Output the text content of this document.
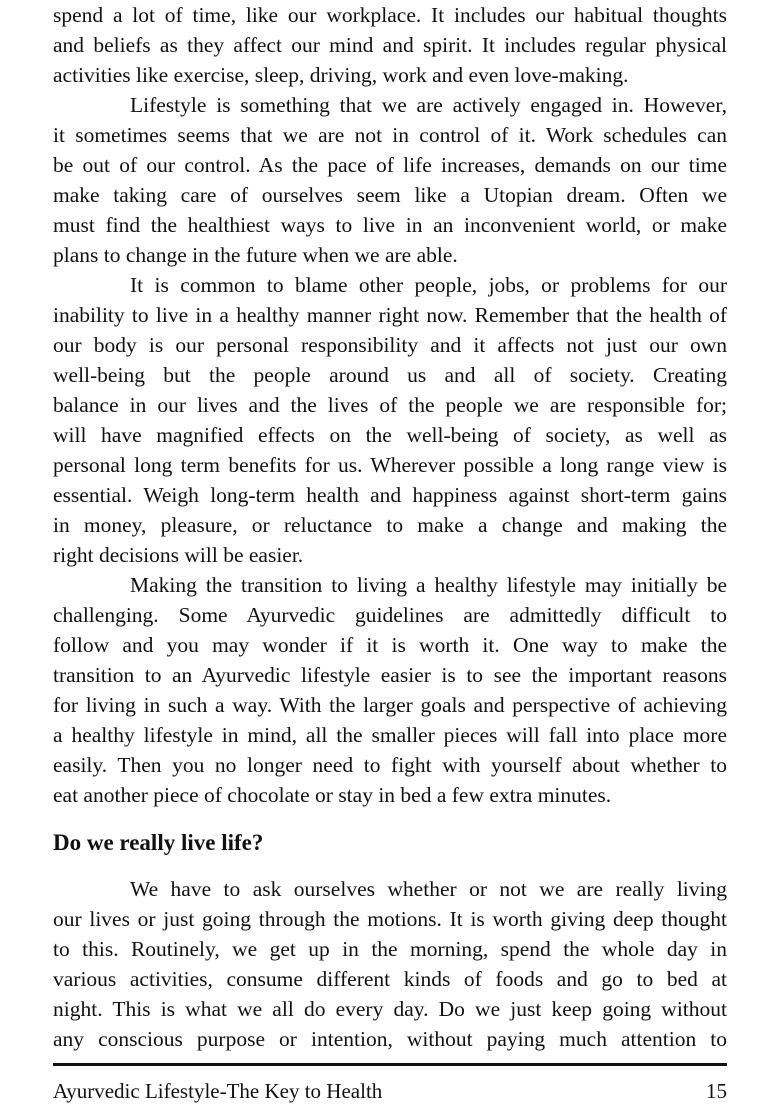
spend a lot of time, like our workplace. It includes our habitual thoughts
and beliefs as they affect our mind and spirit. It includes regular physical
activities like exercise, sleep, driving, work and even love-making.
Lifestyle is something that we are actively engaged in. However,
it sometimes seems that we are not in control of it. Work schedules can
be out of our control. As the pace of life increases, demands on our time
make taking care of ourselves seem like a Utopian dream. Often we
must find the healthiest ways to live in an inconvenient world, or make
plans to change in the future when we are able.
It is common to blame other people, jobs, or problems for our
inability to live in a healthy manner right now. Remember that the health of
our body is our personal responsibility and it affects not just our own
well-being but the people around us and all of society. Creating
balance in our lives and the lives of the people we are responsible for;
will have magnified effects on the well-being of society, as well as
personal long term benefits for us. Wherever possible a long range view is
essential. Weigh long-term health and happiness against short-term gains
in money, pleasure, or reluctance to make a change and making the
right decisions will be easier.
Making the transition to living a healthy lifestyle may initially be
challenging. Some Ayurvedic guidelines are admittedly difficult to
follow and you may wonder if it is worth it. One way to make the
transition to an Ayurvedic lifestyle easier is to see the important reasons
for living in such a way. With the larger goals and perspective of achieving
a healthy lifestyle in mind, all the smaller pieces will fall into place more
easily. Then you no longer need to fight with yourself about whether to
eat another piece of chocolate or stay in bed a few extra minutes.
Do we really live life?
We have to ask ourselves whether or not we are really living
our lives or just going through the motions. It is worth giving deep thought
to this. Routinely, we get up in the morning, spend the whole day in
various activities, consume different kinds of foods and go to bed at
night. This is what we all do every day. Do we just keep going without
any conscious purpose or intention, without paying much attention to

Ayurvedic Lifestyle-The Key to Health	15
